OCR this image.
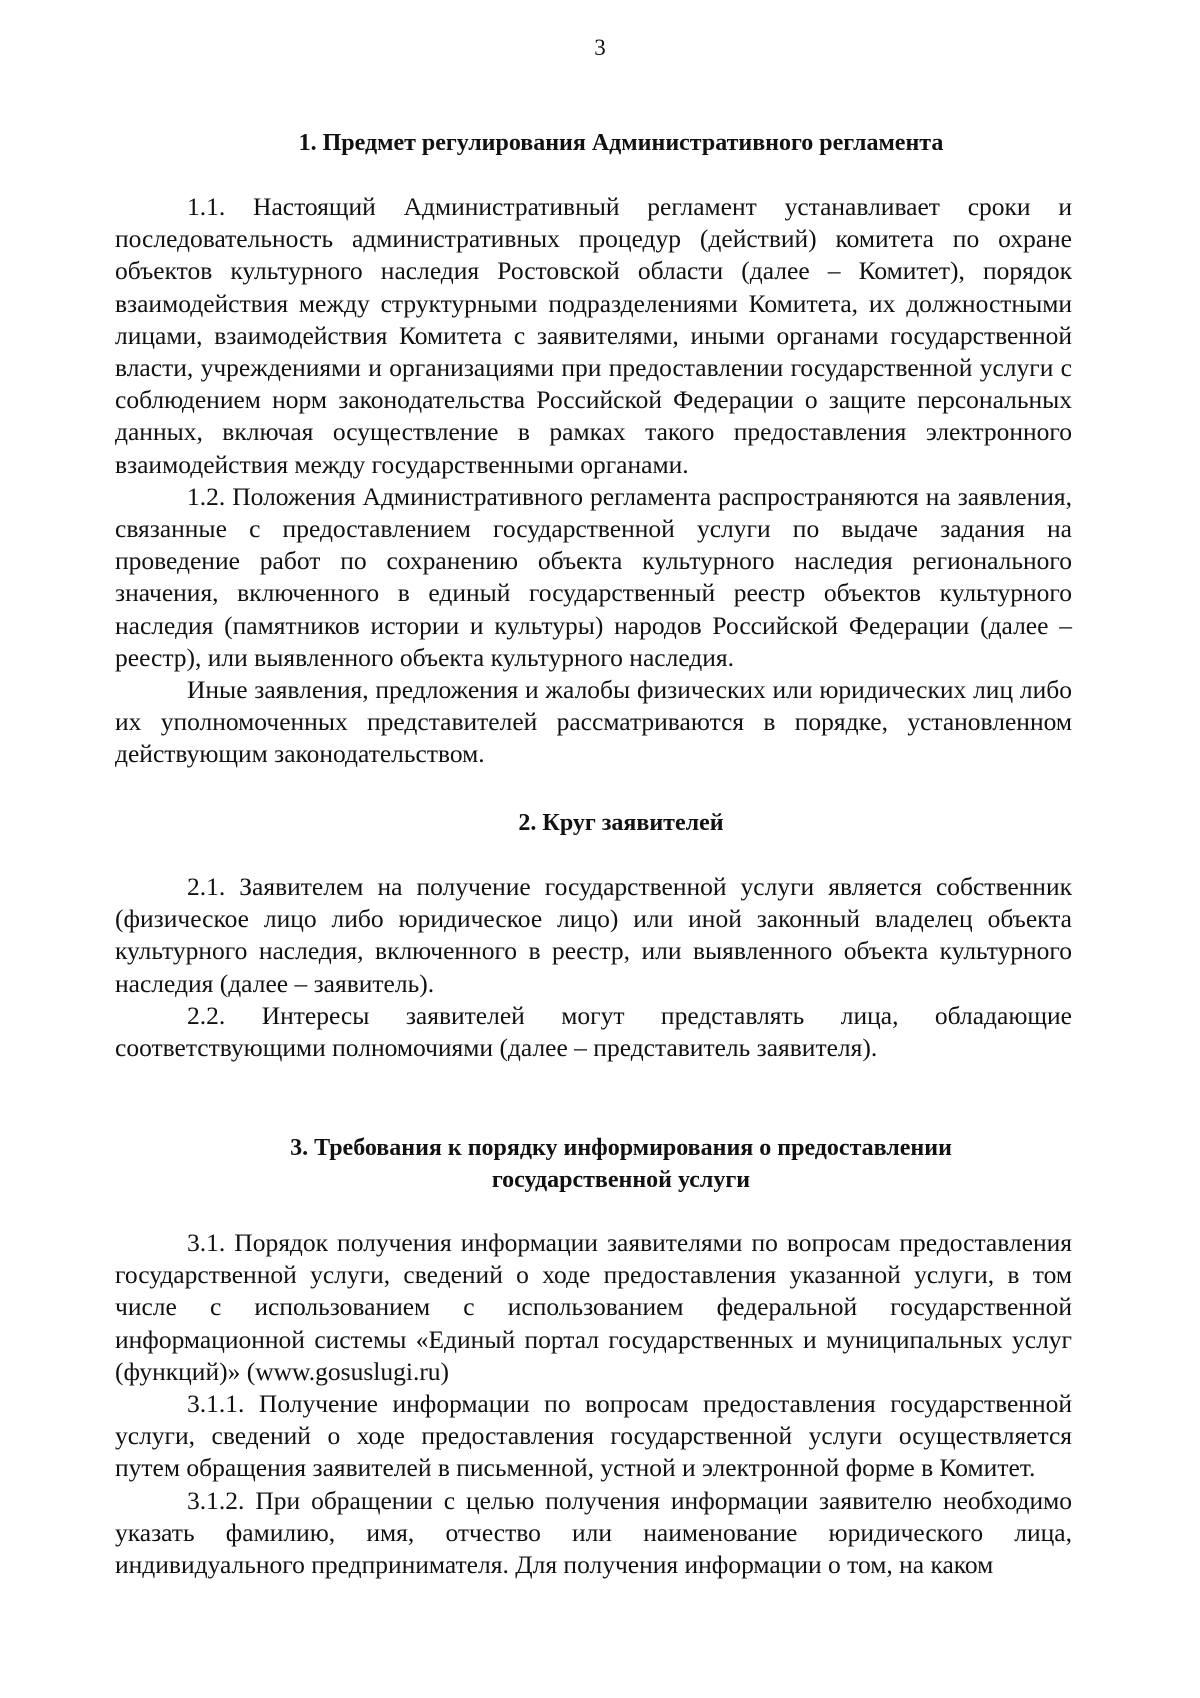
3
1. Предмет регулирования Административного регламента

1.1. Настоящий Административный регламент устанавливает сроки и последовательность административных процедур (действий) комитета по охране объектов культурного наследия Ростовской области (далее – Комитет), порядок взаимодействия между структурными подразделениями Комитета, их должностными лицами, взаимодействия Комитета с заявителями, иными органами государственной власти, учреждениями и организациями при предоставлении государственной услуги с соблюдением норм законодательства Российской Федерации о защите персональных данных, включая осуществление в рамках такого предоставления электронного взаимодействия между государственными органами.

1.2. Положения Административного регламента распространяются на заявления, связанные с предоставлением государственной услуги по выдаче задания на проведение работ по сохранению объекта культурного наследия регионального значения, включенного в единый государственный реестр объектов культурного наследия (памятников истории и культуры) народов Российской Федерации (далее – реестр), или выявленного объекта культурного наследия.

Иные заявления, предложения и жалобы физических или юридических лиц либо их уполномоченных представителей рассматриваются в порядке, установленном действующим законодательством.

2. Круг заявителей

2.1. Заявителем на получение государственной услуги является собственник (физическое лицо либо юридическое лицо) или иной законный владелец объекта культурного наследия, включенного в реестр, или выявленного объекта культурного наследия (далее – заявитель).

2.2. Интересы заявителей могут представлять лица, обладающие соответствующими полномочиями (далее – представитель заявителя).

3. Требования к порядку информирования о предоставлении
государственной услуги

3.1. Порядок получения информации заявителями по вопросам предоставления государственной услуги, сведений о ходе предоставления указанной услуги, в том числе с использованием с использованием федеральной государственной информационной системы «Единый портал государственных и муниципальных услуг (функций)» (www.gosuslugi.ru)

3.1.1. Получение информации по вопросам предоставления государственной услуги, сведений о ходе предоставления государственной услуги осуществляется путем обращения заявителей в письменной, устной и электронной форме в Комитет.

3.1.2. При обращении с целью получения информации заявителю необходимо указать фамилию, имя, отчество или наименование юридического лица, индивидуального предпринимателя. Для получения информации о том, на каком
